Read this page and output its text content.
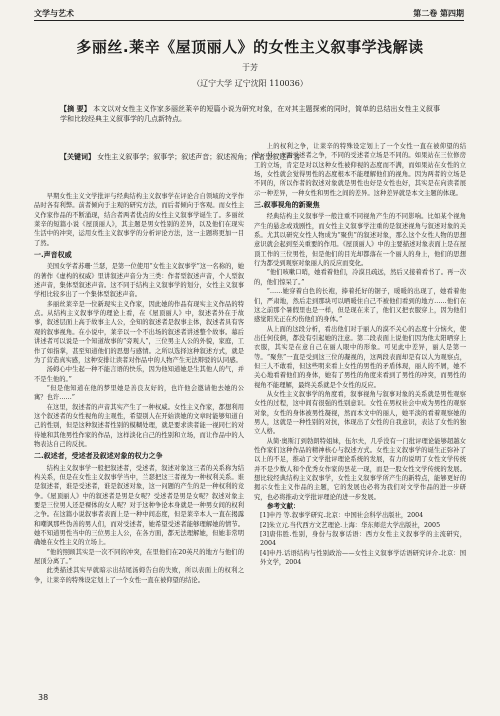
文学与艺术	第二卷 第四期
多丽丝.莱辛《屋顶丽人》的女性主义叙事学浅解读
于芳
（辽宁大学 辽宁沈阳 110036）
【摘 要】 本文以对女性主义作家多丽丝莱辛的短篇小说为研究对象，在对其主题探索的同时，简单的总结出女性主义叙事学和比较经典主义叙事学的几点新特点。
【关键词】 女性主义叙事学；叙事学；叙述声音；叙述视角；作者型叙述声音

早期女性主义文学批评与经典结构主义叙事学在评论合自领域的文学作品时各有利弊。前者倾向于主观的研究方法，而后者倾向于客观。而女性主义作家作品的不断涌现，结合者两者优点的女性主义叙事学诞生了。多丽丝莱辛的短篇小说《屋顶丽人》，其主题是男女性别的差异，以及他们在现实生活中的冲突，运用女性主义叙事学的分析评论方法，这一主题将更加一目了然。

一.声音权威

美国女学者苏珊·兰瑟，是第一位使用“女性主义叙事学”这一名称的，她的著作《虚构的权威》里讲叙述声音分为三类：作者型叙述声音，个人型叙述声音，集体型叙述声音。这不同于结构主义叙事学的划分，女性主义叙事学相比较多出了一个集体型叙述声音。

多丽丝莱辛是一位新现实主义作家，因此她的作品有现实主义作品的特点。从结构主义叙事学的理论上看，在《屋顶丽人》中，叙述者外在于故事，叙述层面上高于故事主人公，全知的叙述者是叙事主体，叙述者具有客观的叙事视角。在小说中，莱辛以一个不出场的叙述者讲述整个故事。幕后讲述者可以说是一个知道故事的“旁观人”，三位男主人公的外貌，家庭，工作了如指掌，甚至知道他们的思想与感情。之所以选择这种叙述方式，就是为了营造真实感，这种安排让读者对作品中的人物产生无法辩驳的认同感。

汤姆心中生起一种不能言语的快乐，因为他知道她是生其他人的气，并不是生他的。”

“但是他知道在他的梦里她是善良友好的，也许他会邀请他去她的公寓？也许……”

在这里，叙述者的声音其实产生了一种权威。女性主义作家，都想利用这个叙述者的女性视角的主观性，希望别人在开始读她的文章时能够知道自己的性别，但是这种叙述者性别的模糊处理，就是要求读者能一视同仁的对待她和其他男性作家的作品，这样淡化自己的性别和立场，而让作品中的人物表达自己的反抗。

二.叙述者，受述者及叙述对象的权力之争

结构主义叙事学一般把叙述者，受述者，叙述对象这三者的关系称为结构关系，但是在女性主义叙事学当中，兰瑟把这三者视为一种权利关系。谁是叙述者，谁是受述者，谁是叙述对象，这一问题的产生的是一种权利的竞争。《屋顶丽人》中的叙述者是男是女呢？受述者是男是女呢？叙述对象主要是三位男人还是裸体的女人呢？对于这种争论本身就是一种男女间的权利之争。在这篇小说叙事者表面上是一种中间态度，但是莱辛本人一直在揭露和嘲讽那些伪善的男人们，而对受述者，她希望受述者能够理解她的情节。她不知道男性当中的三位男主人公，在各方面，都无法理解她，但她非常明确她在女性主义的立场上。

“他的照顾其实是一次不同的冲突，在里他们在20英尺的地方与他们的屋顶分离了。”

此类描述其实早就暗示出结尾汤姆告白的失败，所以表面上的权利之争，让莱辛的特殊设定划上了一个女性一直在被仰望的结论。

上的权利之争，让莱辛的特殊设定划上了一个女性一直在被仰望的结论。另一方面受述者之争，不同的受述者立场是不同的。如果站在三位修房工的立场，肯定是对以这种女性被仰视的态度而不满，而如果站在女性的立场，女性就会觉得男性的态度根本不能理解他们的视角。因为两者的立场是不同的，所以作者的叙述对象就是男性也好是女性也好，其实是在向读者展示一种差异，一种女性和男性之间的差异。这种差异就是本文主题的体现。

三.叙事视角的新聚焦

经典结构主义叙事学一般注重不同视角产生的不同影响。比如某个视角产生的悬念或戏剧性，而女性主义叙事学注重的是叙述视角与叙述对象的关系。尤其以研究女性人物成为“聚焦”的叙述对象，那么这个女性人物的思想意识就会起到至关重要的作用。《屋顶丽人》中的主要描述对象表面上是在屋顶工作的三位男性，但是他们的目光却都落在一个丽人的身上，他们的思想行为都受到观察对象丽人的反应而变化。

“他们咳嗽口哨，她看着他们，冷漠且疏远，然后又接着看书了。再一次的，他们惊呆了。”

“……她穿着白色的长袍，捧着托好的锯子，暖暖的出现了，她看着他们，严肃地，然后走到那块可以晒暖住自己不被他们看到的地方……他们在这之前那个暑假里也是一样，但是现在来了，他们又把衣服穿上，因为他们感觉阳光正在灼伤他们的身体。”

从上面的这段分析，看出他们对于丽人的漠不关心的态度十分恼火，使出任何伎俩，都没有引起她的注意。第二段表面上说他们因为他太阳晒穿上衣服，其实是在意自己在丽人眼中的形象。可见此中差异，丽人是第一等。“聚焦”一直是受到这三位的凝视的，这两段表面却是有以人为观察点，但三人不敢看，但这些明来看上女性的男性的矛盾体现，丽人的不屑，她不关心地看着他们的身体，她有了男性的角度来看到了男性的冲突，而男性的视角不能理解，最终关系就是个女性的反应。

从女性主义叙事学的角度看，叙事视角与叙事对象的关系就是男性观察女性的过程，这中间有很强的性别意识。女性在男权社会中成为男性的观察对象，女性的身体被男性凝视，然而本文中的丽人，她平淡的看着观察她的男人，这就是一种性别的对抗，体现出了女性的自我意识，表达了女性的独立人格。

从简·奥斯汀到勃朗特姐妹，伍尔夫，几乎没有一门批评理论能够超越女性作家们这种作品的精神核心与叙述方式。女性主义叙事学的诞生正弥补了以上的不足，推动了文学批评理论系统的发展，有力的说明了女性文学传统并不是少数人和个优秀女作家的昙花一现，而是一股女性文学传统的发展。想比较经典结构主义叙事学，女性主义叙事学所产生的新特点，能够更好的揭示女性主义作品的主题，它的发展也必将为我们对文学作品的进一步研究，也必将推动文学批评理论的进一步发展。

参考文献：

[1]申丹 等.叙事学研究.北京：中国社会科学出版社，2004

[2]朱立元.当代西方文艺理论.上海：华东师范大学出版社，2005

[3]唐伟胜.性别，身份与叙事话语：西方女性主义叙事学的主流研究，2004

[4]申丹.话语结构与性别政治——女性主义叙事学话语研究评介.北京：国外文学，2004

38
